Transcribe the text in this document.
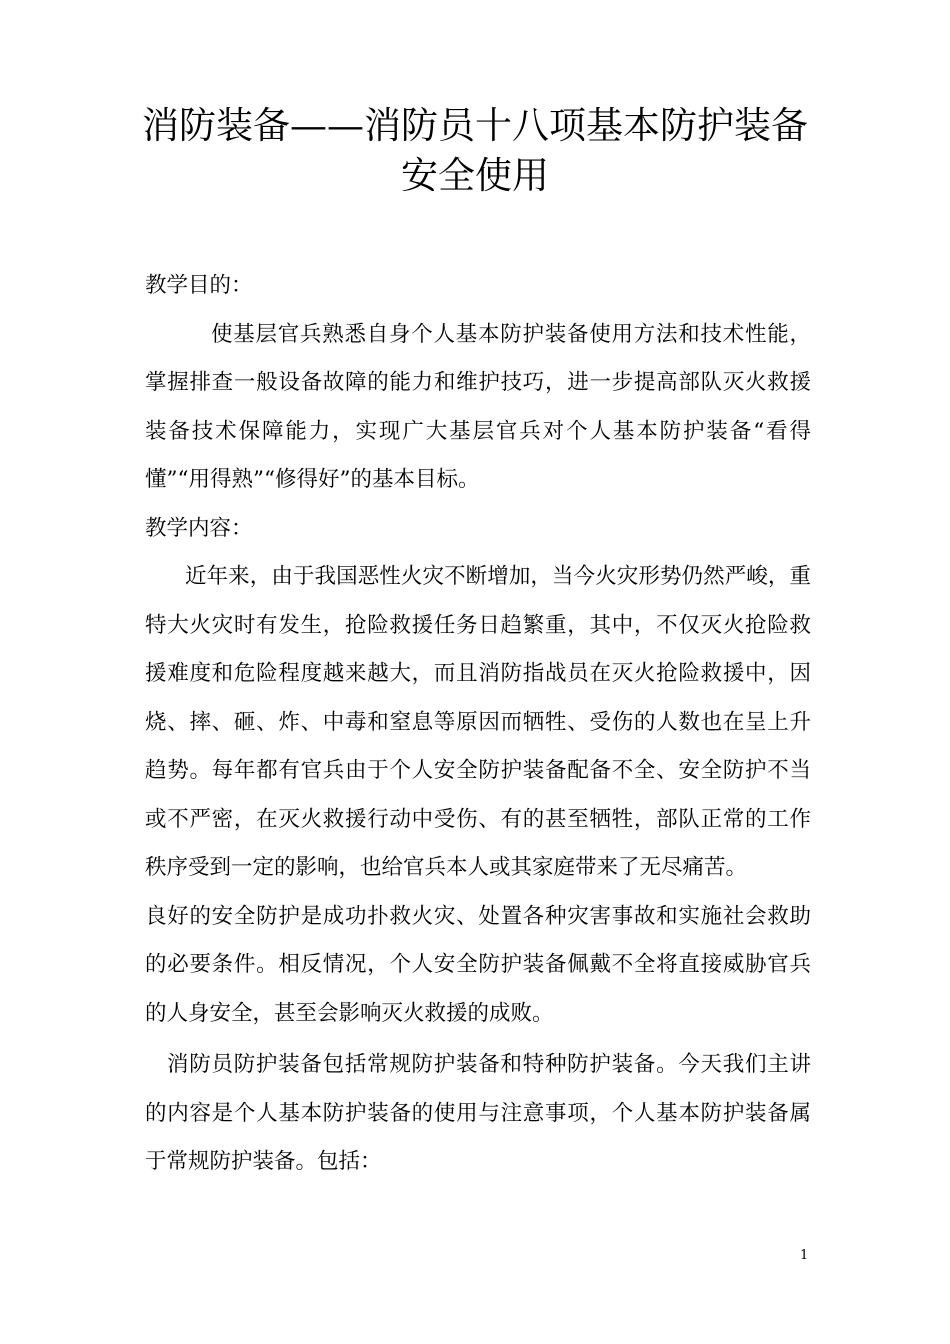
消防装备——消防员十八项基本防护装备
安全使用

教学目的：

使基层官兵熟悉自身个人基本防护装备使用方法和技术性能，掌握排查一般设备故障的能力和维护技巧，进一步提高部队灭火救援装备技术保障能力，实现广大基层官兵对个人基本防护装备“看得懂”“用得熟”“修得好”的基本目标。

教学内容：

近年来，由于我国恶性火灾不断增加，当今火灾形势仍然严峻，重特大火灾时有发生，抢险救援任务日趋繁重，其中，不仅灭火抢险救援难度和危险程度越来越大，而且消防指战员在灭火抢险救援中，因烧、摔、砸、炸、中毒和窒息等原因而牺牲、受伤的人数也在呈上升趋势。每年都有官兵由于个人安全防护装备配备不全、安全防护不当或不严密，在灭火救援行动中受伤、有的甚至牺牲，部队正常的工作秩序受到一定的影响，也给官兵本人或其家庭带来了无尽痛苦。

良好的安全防护是成功扑救火灾、处置各种灾害事故和实施社会救助的必要条件。相反情况，个人安全防护装备佩戴不全将直接威胁官兵的人身安全，甚至会影响灭火救援的成败。

消防员防护装备包括常规防护装备和特种防护装备。今天我们主讲的内容是个人基本防护装备的使用与注意事项，个人基本防护装备属于常规防护装备。包括：

1
